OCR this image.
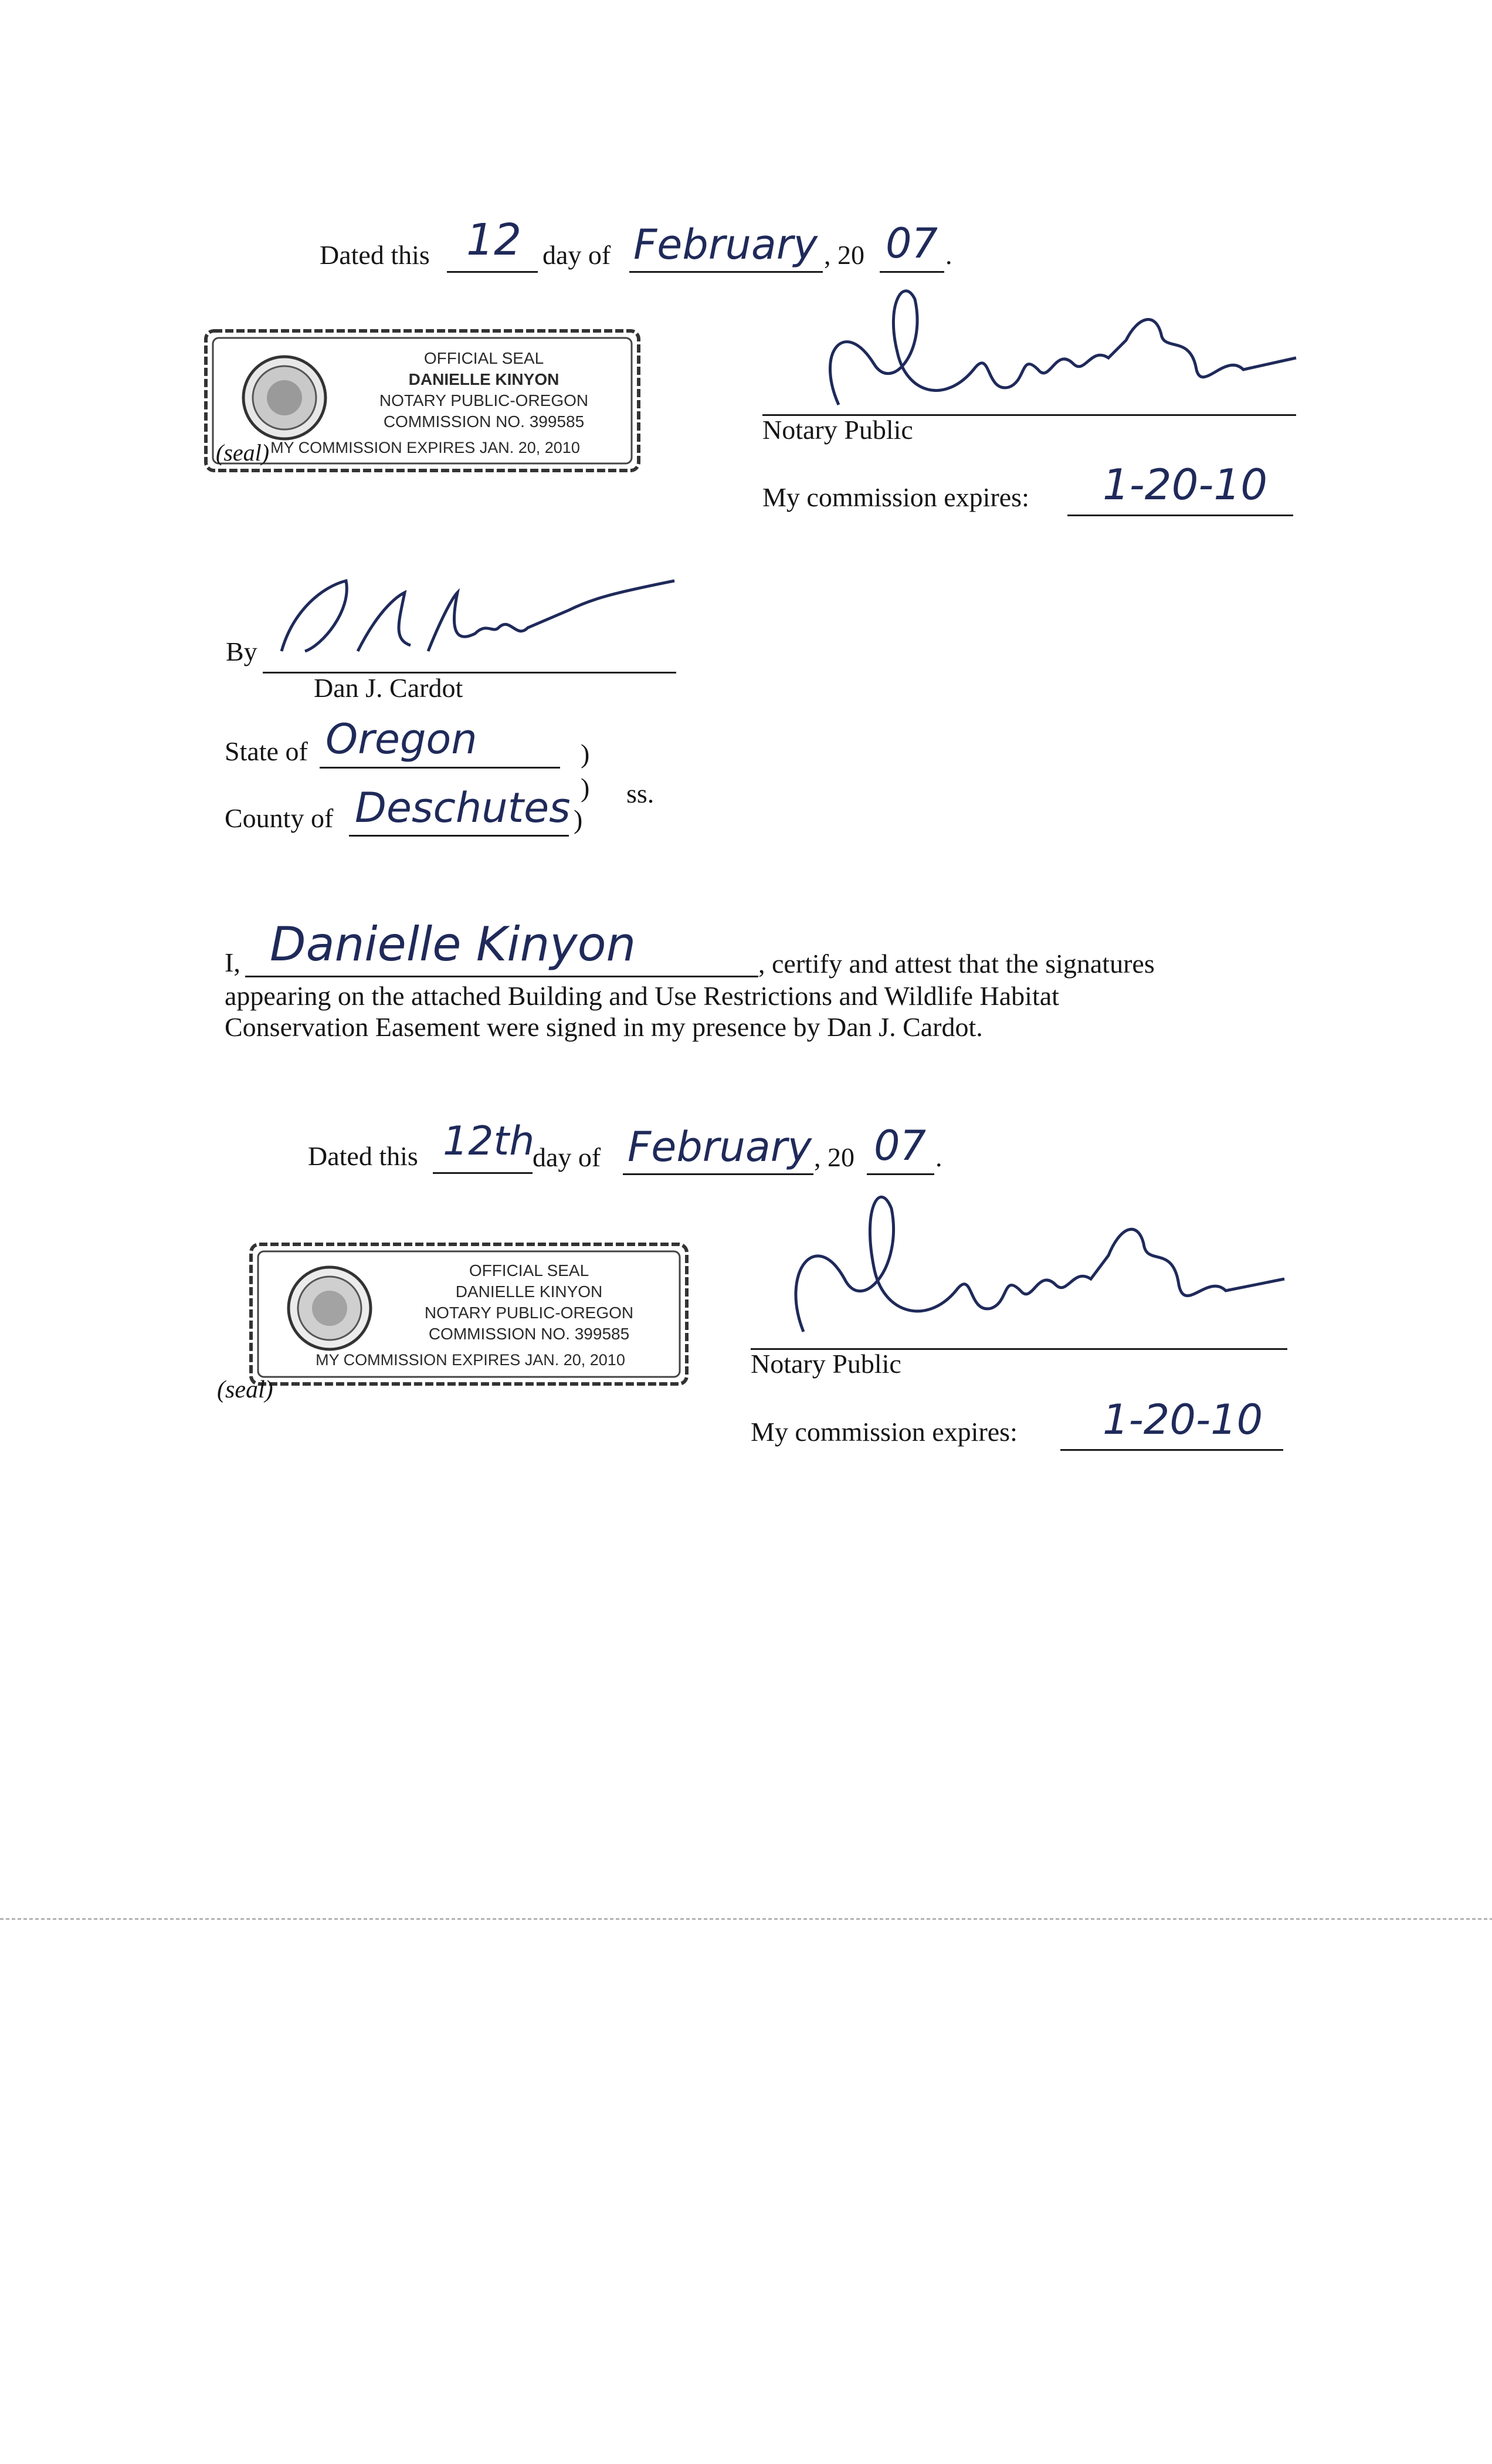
Dated this 12 day of February , 20 07 .
OFFICIAL SEAL
DANIELLE KINYON
NOTARY PUBLIC-OREGON
COMMISSION NO. 399585
MY COMMISSION EXPIRES JAN. 20, 2010
(seal)
Notary Public
My commission expires: 1-20-10
By
Dan J. Cardot
State of Oregon	)
) ss.
County of Deschutes )
I, Danielle Kinyon	, certify and attest that the signatures
appearing on the attached Building and Use Restrictions and Wildlife Habitat
Conservation Easement were signed in my presence by Dan J. Cardot.
Dated this 12th
day of February , 20 07 .
OFFICIAL SEAL
DANIELLE KINYON
NOTARY PUBLIC-OREGON
COMMISSION NO. 399585
MY COMMISSION EXPIRES JAN. 20, 2010
(seal)
Notary Public
My commission expires: 1-20-10
